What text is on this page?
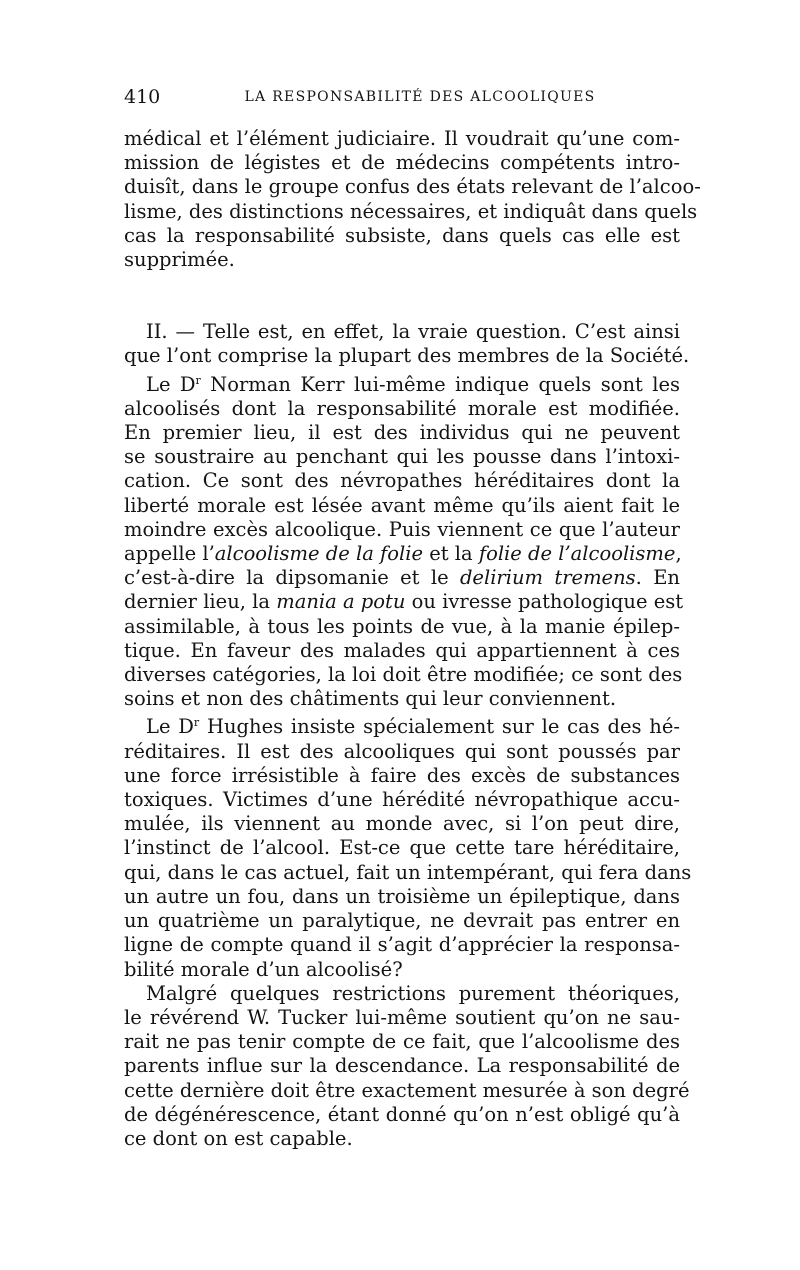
410	LA RESPONSABILITÉ DES ALCOOLIQUES
médical et l’élément judiciaire. Il voudrait qu’une com-
mission de légistes et de médecins compétents intro-
duisît, dans le groupe confus des états relevant de l’alcoo-
lisme, des distinctions nécessaires, et indiquât dans quels
cas la responsabilité subsiste, dans quels cas elle est
supprimée.
II. — Telle est, en effet, la vraie question. C’est ainsi
que l’ont comprise la plupart des membres de la Société.
Le $D^r$ Norman Kerr lui-même indique quels sont les
alcoolisés dont la responsabilité morale est modifiée.
En premier lieu, il est des individus qui ne peuvent
se soustraire au penchant qui les pousse dans l’intoxi-
cation. Ce sont des névropathes héréditaires dont la
liberté morale est lésée avant même qu’ils aient fait le
moindre excès alcoolique. Puis viennent ce que l’auteur
appelle l’alcoolisme de la folie et la folie de l’alcoolisme,
c’est-à-dire la dipsomanie et le delirium tremens. En
dernier lieu, la mania a potu ou ivresse pathologique est
assimilable, à tous les points de vue, à la manie épilep-
tique. En faveur des malades qui appartiennent à ces
diverses catégories, la loi doit être modifiée; ce sont des
soins et non des châtiments qui leur conviennent.
Le $D^r$ Hughes insiste spécialement sur le cas des hé-
réditaires. Il est des alcooliques qui sont poussés par
une force irrésistible à faire des excès de substances
toxiques. Victimes d’une hérédité névropathique accu-
mulée, ils viennent au monde avec, si l’on peut dire,
l’instinct de l’alcool. Est-ce que cette tare héréditaire,
qui, dans le cas actuel, fait un intempérant, qui fera dans
un autre un fou, dans un troisième un épileptique, dans
un quatrième un paralytique, ne devrait pas entrer en
ligne de compte quand il s’agit d’apprécier la responsa-
bilité morale d’un alcoolisé?
Malgré quelques restrictions purement théoriques,
le révérend W. Tucker lui-même soutient qu’on ne sau-
rait ne pas tenir compte de ce fait, que l’alcoolisme des
parents influe sur la descendance. La responsabilité de
cette dernière doit être exactement mesurée à son degré
de dégénérescence, étant donné qu’on n’est obligé qu’à
ce dont on est capable.
